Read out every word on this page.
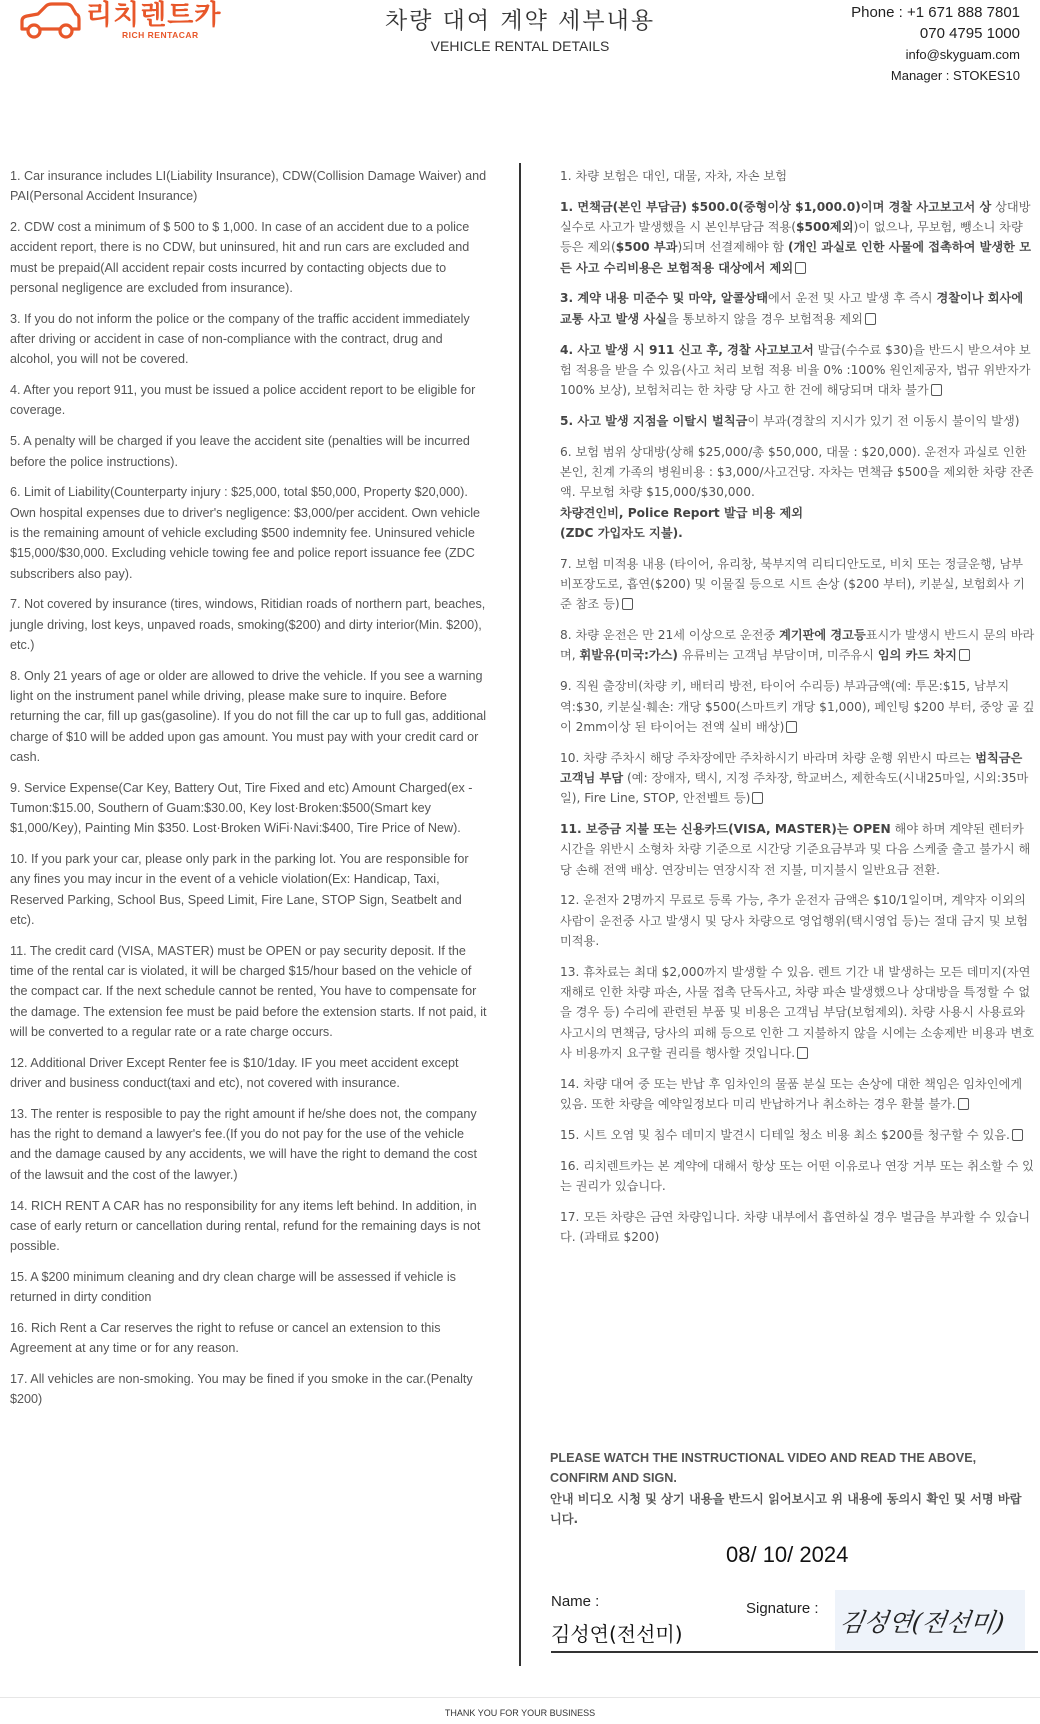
리치렌트카
RICH RENTACAR
차량 대여 계약 세부내용
VEHICLE RENTAL DETAILS
Phone : +1 671 888 7801
070 4795 1000
info@skyguam.com
Manager : STOKES10

1. Car insurance includes LI(Liability Insurance), CDW(Collision Damage Waiver) and PAI(Personal Accident Insurance)

2. CDW cost a minimum of $ 500 to $ 1,000. In case of an accident due to a police accident report, there is no CDW, but uninsured, hit and run cars are excluded and must be prepaid(All accident repair costs incurred by contacting objects due to personal negligence are excluded from insurance).

3. If you do not inform the police or the company of the traffic accident immediately after driving or accident in case of non-compliance with the contract, drug and alcohol, you will not be covered.

4. After you report 911, you must be issued a police accident report to be eligible for coverage.

5. A penalty will be charged if you leave the accident site (penalties will be incurred before the police instructions).

6. Limit of Liability(Counterparty injury : $25,000, total $50,000, Property $20,000). Own hospital expenses due to driver's negligence: $3,000/per accident. Own vehicle is the remaining amount of vehicle excluding $500 indemnity fee. Uninsured vehicle $15,000/$30,000. Excluding vehicle towing fee and police report issuance fee (ZDC subscribers also pay).

7. Not covered by insurance (tires, windows, Ritidian roads of northern part, beaches, jungle driving, lost keys, unpaved roads, smoking($200) and dirty interior(Min. $200), etc.)

8. Only 21 years of age or older are allowed to drive the vehicle. If you see a warning light on the instrument panel while driving, please make sure to inquire. Before returning the car, fill up gas(gasoline). If you do not fill the car up to full gas, additional charge of $10 will be added upon gas amount. You must pay with your credit card or cash.

9. Service Expense(Car Key, Battery Out, Tire Fixed and etc) Amount Charged(ex -Tumon:$15.00, Southern of Guam:$30.00, Key lost·Broken:$500(Smart key $1,000/Key), Painting Min $350. Lost·Broken WiFi·Navi:$400, Tire Price of New).

10. If you park your car, please only park in the parking lot. You are responsible for any fines you may incur in the event of a vehicle violation(Ex: Handicap, Taxi, Reserved Parking, School Bus, Speed Limit, Fire Lane, STOP Sign, Seatbelt and etc).

11. The credit card (VISA, MASTER) must be OPEN or pay security deposit. If the time of the rental car is violated, it will be charged $15/hour based on the vehicle of the compact car. If the next schedule cannot be rented, You have to compensate for the damage. The extension fee must be paid before the extension starts. If not paid, it will be converted to a regular rate or a rate charge occurs.

12. Additional Driver Except Renter fee is $10/1day. IF you meet accident except driver and business conduct(taxi and etc), not covered with insurance.

13. The renter is resposible to pay the right amount if he/she does not, the company has the right to demand a lawyer's fee.(If you do not pay for the use of the vehicle and the damage caused by any accidents, we will have the right to demand the cost of the lawsuit and the cost of the lawyer.)

14. RICH RENT A CAR has no responsibility for any items left behind. In addition, in case of early return or cancellation during rental, refund for the remaining days is not possible.

15. A $200 minimum cleaning and dry clean charge will be assessed if vehicle is returned in dirty condition

16. Rich Rent a Car reserves the right to refuse or cancel an extension to this Agreement at any time or for any reason.

17. All vehicles are non-smoking. You may be fined if you smoke in the car.(Penalty $200)

1. 차량 보험은 대인, 대물, 자차, 자손 보험

1. 면책금(본인 부담금) $500.0(중형이상 $1,000.0)이며 경찰 사고보고서 상 상대방 실수로 사고가 발생했을 시 본인부담금 적용($500제외)이 없으나, 무보험, 뺑소니 차량 등은 제외($500 부과)되며 선결제해야 함 (개인 과실로 인한 사물에 접촉하여 발생한 모든 사고 수리비용은 보험적용 대상에서 제외

3. 계약 내용 미준수 및 마약, 알콜상태에서 운전 및 사고 발생 후 즉시 경찰이나 회사에 교통 사고 발생 사실을 통보하지 않을 경우 보험적용 제외

4. 사고 발생 시 911 신고 후, 경찰 사고보고서 발급(수수료 $30)을 반드시 받으셔야 보험 적용을 받을 수 있음(사고 처리 보험 적용 비율 0% :100% 원인제공자, 법규 위반자가 100% 보상), 보험처리는 한 차량 당 사고 한 건에 해당되며 대차 불가

5. 사고 발생 지점을 이탈시 벌칙금이 부과(경찰의 지시가 있기 전 이동시 불이익 발생)

6. 보험 범위 상대방(상해 $25,000/총 $50,000, 대물 : $20,000). 운전자 과실로 인한 본인, 친계 가족의 병원비용 : $3,000/사고건당. 자차는 면책금 $500을 제외한 차량 잔존액. 무보험 차량 $15,000/$30,000.
차량견인비, Police Report 발급 비용 제외
(ZDC 가입자도 지불).

7. 보험 미적용 내용 (타이어, 유리창, 북부지역 리티디안도로, 비치 또는 정글운행, 남부 비포장도로, 흡연($200) 및 이물질 등으로 시트 손상 ($200 부터), 키분실, 보험회사 기준 참조 등)

8. 차량 운전은 만 21세 이상으로 운전중 계기판에 경고등표시가 발생시 반드시 문의 바라며, 휘발유(미국:가스) 유류비는 고객님 부담이며, 미주유시 임의 카드 차지

9. 직원 출장비(차량 키, 배터리 방전, 타이어 수리등) 부과금액(예: 투몬:$15, 남부지역:$30, 키분실·훼손: 개당 $500(스마트키 개당 $1,000), 페인팅 $200 부터, 중앙 골 깊이 2mm이상 된 타이어는 전액 실비 배상)

10. 차량 주차시 해당 주차장에만 주차하시기 바라며 차량 운행 위반시 따르는 범칙금은 고객님 부담 (예: 장애자, 택시, 지정 주차장, 학교버스, 제한속도(시내25마일, 시외:35마일), Fire Line, STOP, 안전벨트 등)

11. 보증금 지불 또는 신용카드(VISA, MASTER)는 OPEN 해야 하며 계약된 렌터카 시간을 위반시 소형차 차량 기준으로 시간당 기준요금부과 및 다음 스케줄 출고 불가시 해당 손해 전액 배상. 연장비는 연장시작 전 지불, 미지불시 일반요금 전환.

12. 운전자 2명까지 무료로 등록 가능, 추가 운전자 금액은 $10/1일이며, 계약자 이외의 사람이 운전중 사고 발생시 및 당사 차량으로 영업행위(택시영업 등)는 절대 금지 및 보험 미적용.

13. 휴차료는 최대 $2,000까지 발생할 수 있음. 렌트 기간 내 발생하는 모든 데미지(자연재해로 인한 차량 파손, 사물 접촉 단독사고, 차량 파손 발생했으나 상대방을 특정할 수 없을 경우 등) 수리에 관련된 부품 및 비용은 고객님 부담(보험제외). 차량 사용시 사용료와 사고시의 면책금, 당사의 피해 등으로 인한 그 지불하지 않을 시에는 소송제반 비용과 변호사 비용까지 요구할 권리를 행사할 것입니다.

14. 차량 대여 중 또는 반납 후 임차인의 물품 분실 또는 손상에 대한 책임은 임차인에게 있음. 또한 차량을 예약일정보다 미리 반납하거나 취소하는 경우 환불 불가.

15. 시트 오염 및 침수 데미지 발견시 디테일 청소 비용 최소 $200를 청구할 수 있음.

16. 리치렌트카는 본 계약에 대해서 항상 또는 어떤 이유로나 연장 거부 또는 취소할 수 있는 권리가 있습니다.

17. 모든 차량은 금연 차량입니다. 차량 내부에서 흡연하실 경우 벌금을 부과할 수 있습니다. (과태료 $200)

PLEASE WATCH THE INSTRUCTIONAL VIDEO AND READ THE ABOVE, CONFIRM AND SIGN.
안내 비디오 시청 및 상기 내용을 반드시 읽어보시고 위 내용에 동의시 확인 및 서명 바랍니다.
08/ 10/ 2024
Name :
김성연(전선미)
Signature : 김성연(전선미)
THANK YOU FOR YOUR BUSINESS
